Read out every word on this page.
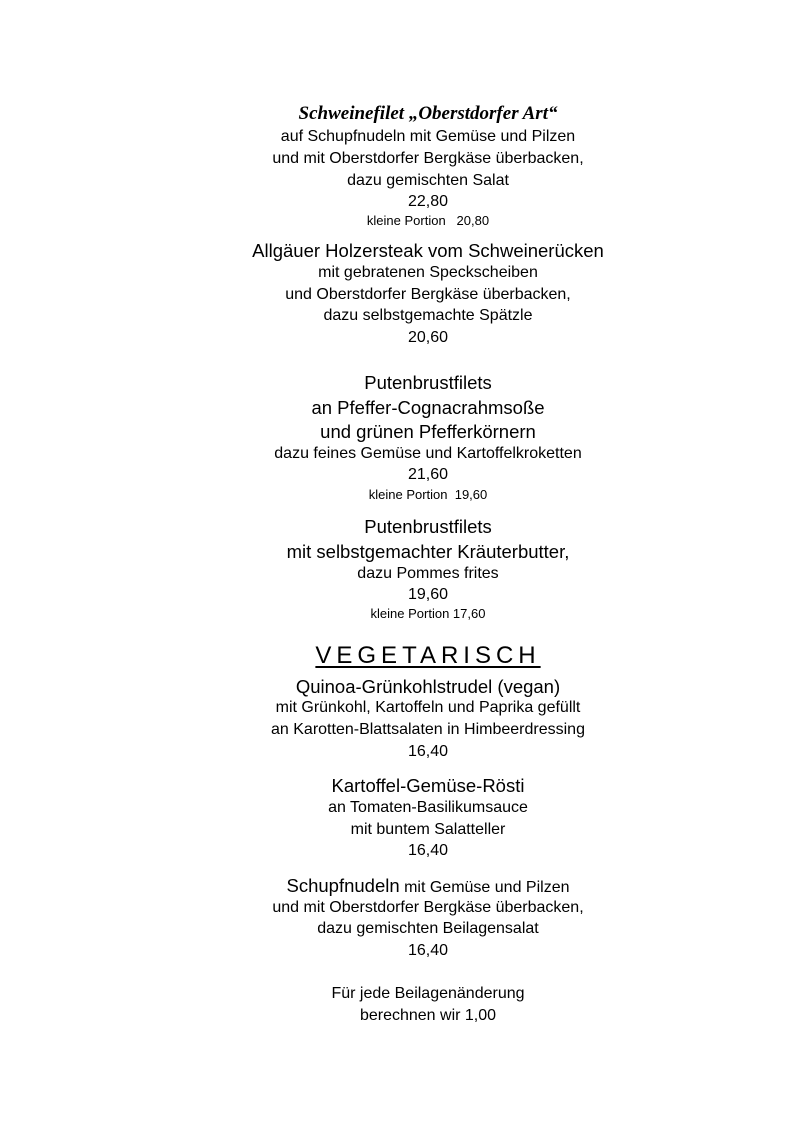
Schweinefilet „Oberstdorfer Art“
auf Schupfnudeln mit Gemüse und Pilzen
und mit Oberstdorfer Bergkäse überbacken,
dazu gemischten Salat
22,80
kleine Portion   20,80
Allgäuer Holzersteak vom Schweinerücken
mit gebratenen Speckscheiben
und Oberstdorfer Bergkäse überbacken,
dazu selbstgemachte Spätzle
20,60
Putenbrustfilets
an Pfeffer-Cognacrahmsoße
und grünen Pfefferkörnern
dazu feines Gemüse und Kartoffelkroketten
21,60
kleine Portion  19,60
Putenbrustfilets
mit selbstgemachter Kräuterbutter,
dazu Pommes frites
19,60
kleine Portion 17,60
VEGETARISCH
Quinoa-Grünkohlstrudel (vegan)
mit Grünkohl, Kartoffeln und Paprika gefüllt
an Karotten-Blattsalaten in Himbeerdressing
16,40
Kartoffel-Gemüse-Rösti
an Tomaten-Basilikumsauce
mit buntem Salatteller
16,40
Schupfnudeln mit Gemüse und Pilzen
und mit Oberstdorfer Bergkäse überbacken,
dazu gemischten Beilagensalat
16,40
Für jede Beilagenänderung
berechnen wir 1,00
